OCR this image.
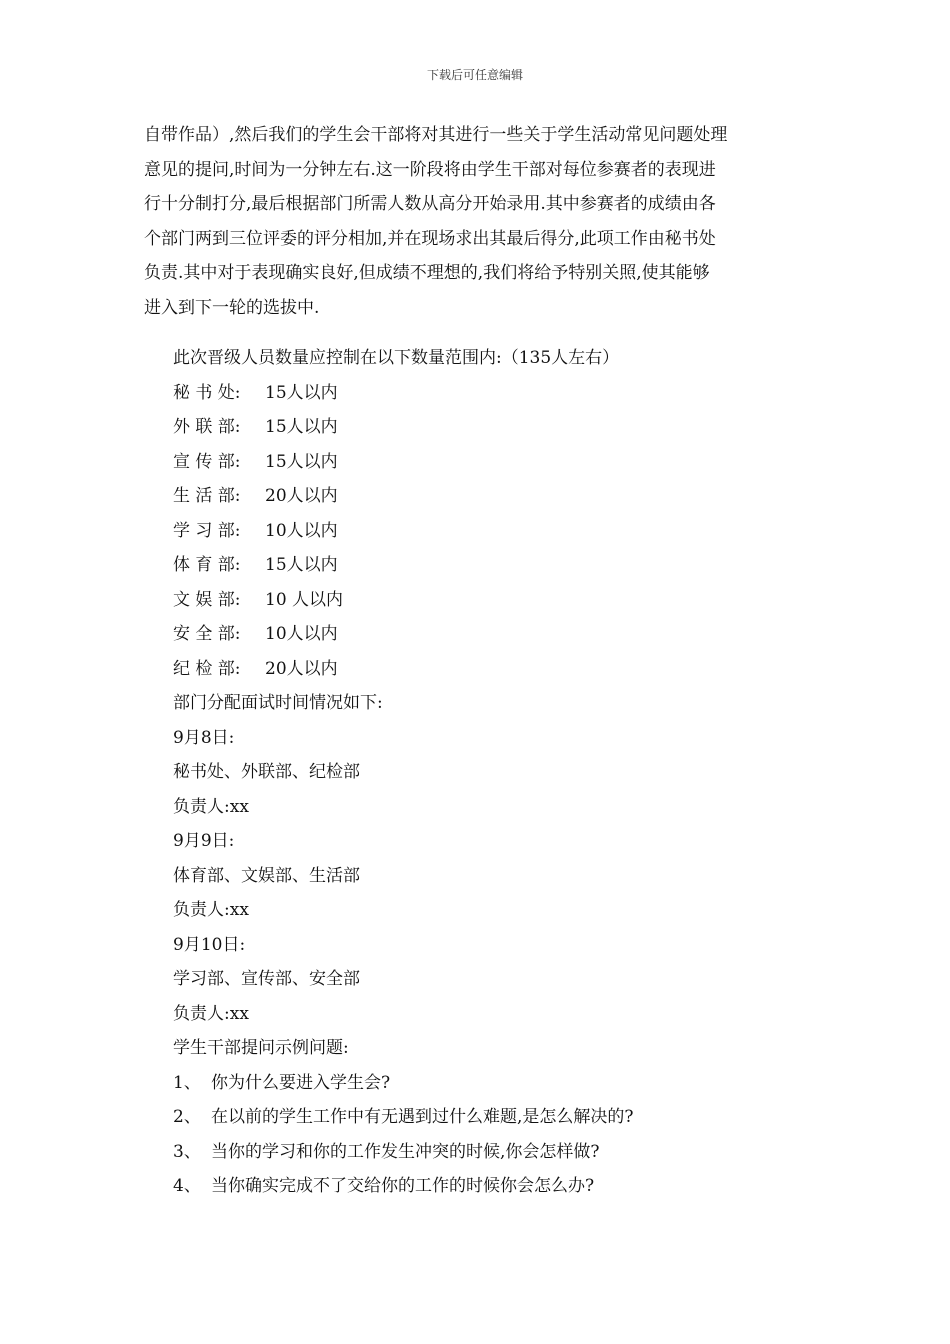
下载后可任意编辑
自带作品）,然后我们的学生会干部将对其进行一些关于学生活动常见问题处理
意见的提问,时间为一分钟左右.这一阶段将由学生干部对每位参赛者的表现进
行十分制打分,最后根据部门所需人数从高分开始录用.其中参赛者的成绩由各
个部门两到三位评委的评分相加,并在现场求出其最后得分,此项工作由秘书处
负责.其中对于表现确实良好,但成绩不理想的,我们将给予特别关照,使其能够
进入到下一轮的选拔中.
此次晋级人员数量应控制在以下数量范围内:（135人左右）
秘 书 处: 15人以内
外 联 部: 15人以内
宣 传 部: 15人以内
生 活 部: 20人以内
学 习 部: 10人以内
体 育 部: 15人以内
文 娱 部: 10 人以内
安 全 部: 10人以内
纪 检 部: 20人以内
部门分配面试时间情况如下:
9月8日:
秘书处、外联部、纪检部
负责人:xx
9月9日:
体育部、文娱部、生活部
负责人:xx
9月10日:
学习部、宣传部、安全部
负责人:xx
学生干部提问示例问题:
1、 你为什么要进入学生会?
2、 在以前的学生工作中有无遇到过什么难题,是怎么解决的?
3、 当你的学习和你的工作发生冲突的时候,你会怎样做?
4、 当你确实完成不了交给你的工作的时候你会怎么办?
